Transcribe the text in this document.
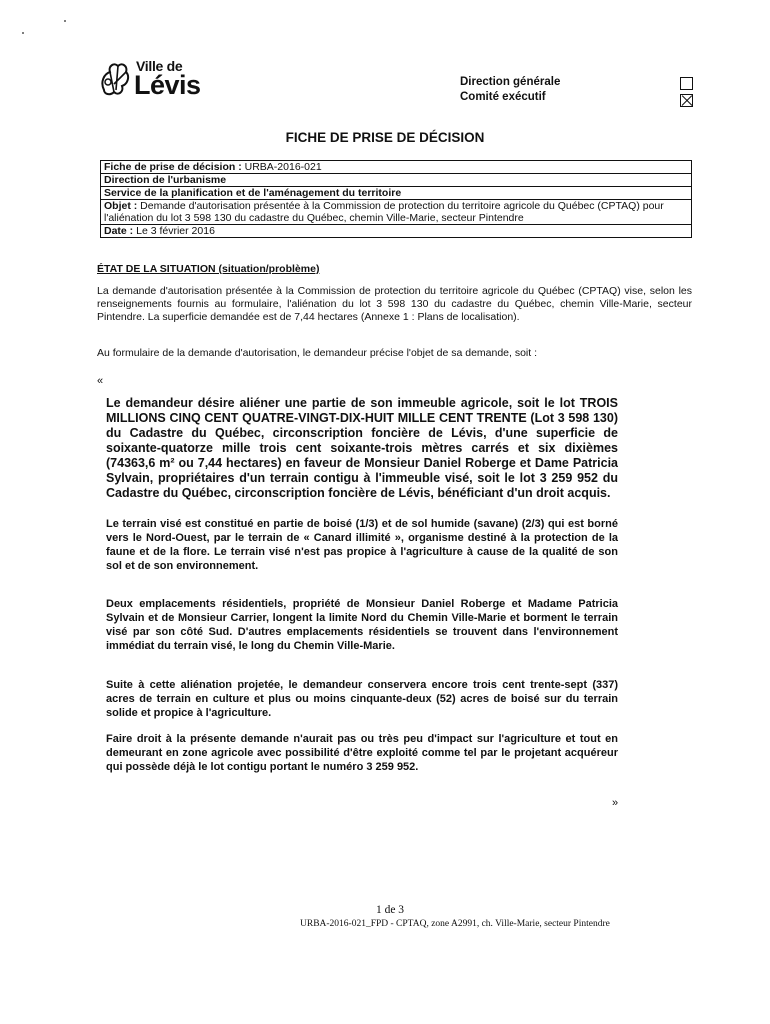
Ville de
Lévis	Direction générale
Comité exécutif
FICHE DE PRISE DE DÉCISION
Fiche de prise de décision : URBA-2016-021
Direction de l'urbanisme
Service de la planification et de l'aménagement du territoire
Objet : Demande d'autorisation présentée à la Commission de protection du territoire agricole du Québec (CPTAQ) pour l'aliénation du lot 3 598 130 du cadastre du Québec, chemin Ville-Marie, secteur Pintendre
Date : Le 3 février 2016
ÉTAT DE LA SITUATION (situation/problème)
La demande d'autorisation présentée à la Commission de protection du territoire agricole du Québec (CPTAQ) vise, selon les renseignements fournis au formulaire, l'aliénation du lot 3 598 130 du cadastre du Québec, chemin Ville-Marie, secteur Pintendre. La superficie demandée est de 7,44 hectares (Annexe 1 : Plans de localisation).
Au formulaire de la demande d'autorisation, le demandeur précise l'objet de sa demande, soit :
«
Le demandeur désire aliéner une partie de son immeuble agricole, soit le lot TROIS MILLIONS CINQ CENT QUATRE-VINGT-DIX-HUIT MILLE CENT TRENTE (Lot 3 598 130) du Cadastre du Québec, circonscription foncière de Lévis, d'une superficie de soixante-quatorze mille trois cent soixante-trois mètres carrés et six dixièmes (74363,6 m² ou 7,44 hectares) en faveur de Monsieur Daniel Roberge et Dame Patricia Sylvain, propriétaires d'un terrain contigu à l'immeuble visé, soit le lot 3 259 952 du Cadastre du Québec, circonscription foncière de Lévis, bénéficiant d'un droit acquis.
Le terrain visé est constitué en partie de boisé (1/3) et de sol humide (savane) (2/3) qui est borné vers le Nord-Ouest, par le terrain de « Canard illimité », organisme destiné à la protection de la faune et de la flore. Le terrain visé n'est pas propice à l'agriculture à cause de la qualité de son sol et de son environnement.
Deux emplacements résidentiels, propriété de Monsieur Daniel Roberge et Madame Patricia Sylvain et de Monsieur Carrier, longent la limite Nord du Chemin Ville-Marie et borment le terrain visé par son côté Sud. D'autres emplacements résidentiels se trouvent dans l'environnement immédiat du terrain visé, le long du Chemin Ville-Marie.
Suite à cette aliénation projetée, le demandeur conservera encore trois cent trente-sept (337) acres de terrain en culture et plus ou moins cinquante-deux (52) acres de boisé sur du terrain solide et propice à l'agriculture.
Faire droit à la présente demande n'aurait pas ou très peu d'impact sur l'agriculture et tout en demeurant en zone agricole avec possibilité d'être exploité comme tel par le projetant acquéreur qui possède déjà le lot contigu portant le numéro 3 259 952.
»
1 de 3
URBA-2016-021_FPD - CPTAQ, zone A2991, ch. Ville-Marie, secteur Pintendre
